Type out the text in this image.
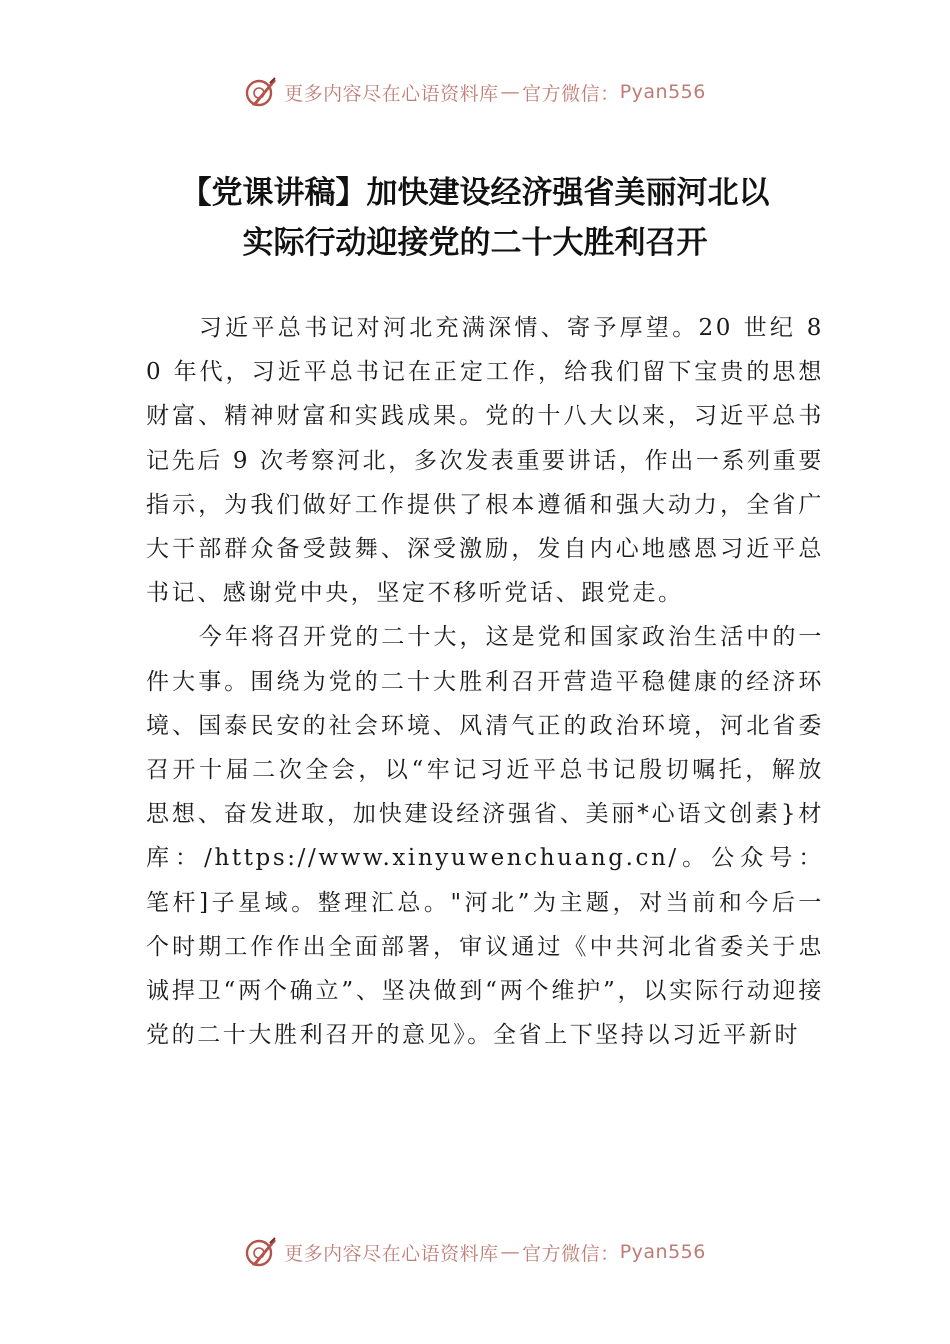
更多内容尽在心语资料库 — 官方微信： Pyan556
【党课讲稿】加快建设经济强省美丽河北以
实际行动迎接党的二十大胜利召开

习近平总书记对河北充满深情、寄予厚望。20 世纪 80 年代，习近平总书记在正定工作，给我们留下宝贵的思想财富、精神财富和实践成果。党的十八大以来，习近平总书记先后 9 次考察河北，多次发表重要讲话，作出一系列重要指示，为我们做好工作提供了根本遵循和强大动力，全省广大干部群众备受鼓舞、深受激励，发自内心地感恩习近平总书记、感谢党中央，坚定不移听党话、跟党走。

今年将召开党的二十大，这是党和国家政治生活中的一件大事。围绕为党的二十大胜利召开营造平稳健康的经济环境、国泰民安的社会环境、风清气正的政治环境，河北省委召开十届二次全会，以“牢记习近平总书记殷切嘱托，解放思想、奋发进取，加快建设经济强省、美丽*心语文创素}材库：/https://www.xinyuwenchuang.cn/。公众号：笔杆]子星域。整理汇总。"河北”为主题，对当前和今后一个时期工作作出全面部署，审议通过《中共河北省委关于忠诚捍卫“两个确立”、坚决做到“两个维护”，以实际行动迎接党的二十大胜利召开的意见》。全省上下坚持以习近平新时

更多内容尽在心语资料库 — 官方微信： Pyan556
